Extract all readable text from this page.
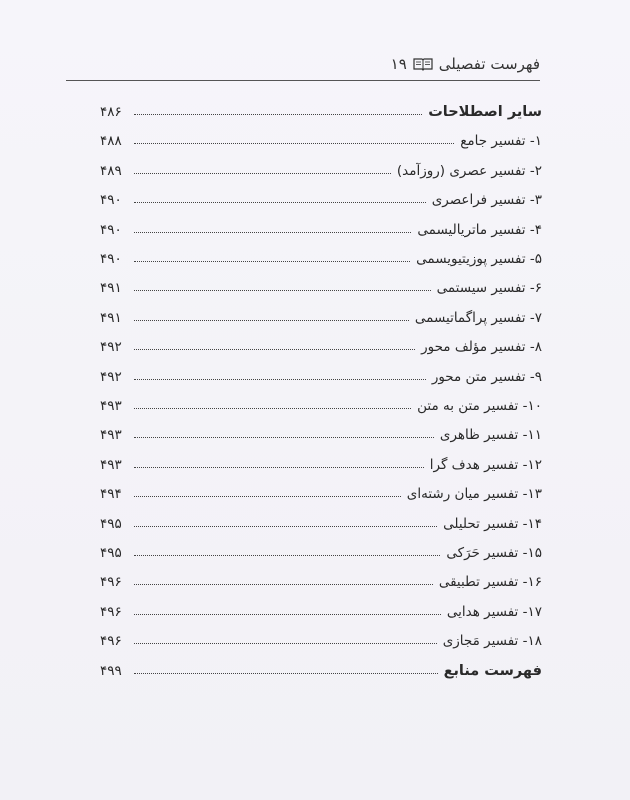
فهرست تفصیلی
۱۹
سایر اصطلاحات
۴۸۶
۱- تفسیر جامع
۴۸۸
۲- تفسیر عصری (روزآمد)
۴۸۹
۳- تفسیر فراعصری
۴۹۰
۴- تفسیر ماتریالیسمی
۴۹۰
۵- تفسیر پوزیتیویسمی
۴۹۰
۶- تفسیر سیستمی
۴۹۱
۷- تفسیر پراگماتیسمی
۴۹۱
۸- تفسیر مؤلف محور
۴۹۲
۹- تفسیر متن محور
۴۹۲
۱۰- تفسیر متن به متن
۴۹۳
۱۱- تفسیر ظاهری
۴۹۳
۱۲- تفسیر هدف گرا
۴۹۳
۱۳- تفسیر میان رشته‌ای
۴۹۴
۱۴- تفسیر تحلیلی
۴۹۵
۱۵- تفسیر حَرَکی
۴۹۵
۱۶- تفسیر تطبیقی
۴۹۶
۱۷- تفسیر هدایی
۴۹۶
۱۸- تفسیر مَجازی
۴۹۶
فهرست منابع
۴۹۹
